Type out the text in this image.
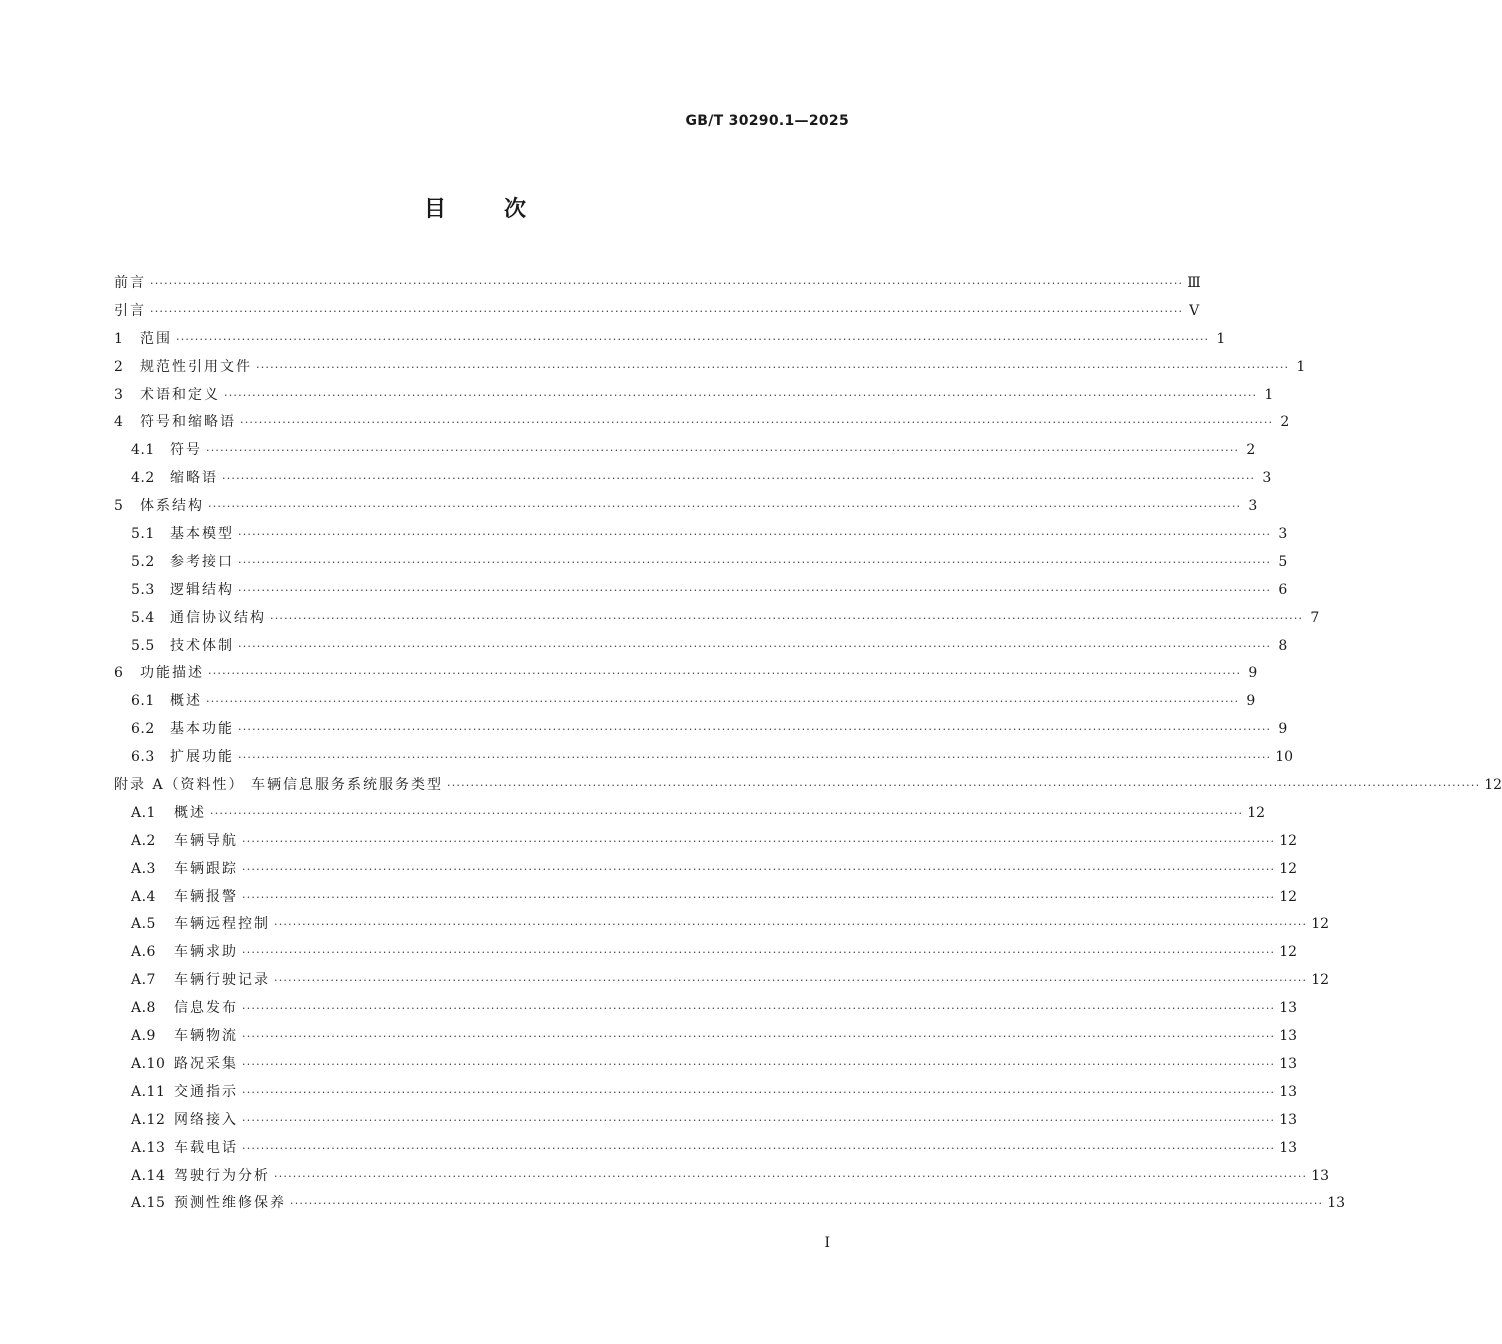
GB/T 30290.1—2025
目次
前言 ···························································································································································································································· Ⅲ
引言 ···························································································································································································································· Ⅴ
1	范围 ···························································································································································································································· 1
2	规范性引用文件 ···························································································································································································································· 1
3	术语和定义 ···························································································································································································································· 1
4	符号和缩略语 ···························································································································································································································· 2
4.1	符号 ···························································································································································································································· 2
4.2	缩略语 ···························································································································································································································· 3
5	体系结构 ···························································································································································································································· 3
5.1	基本模型 ···························································································································································································································· 3
5.2	参考接口 ···························································································································································································································· 5
5.3	逻辑结构 ···························································································································································································································· 6
5.4	通信协议结构 ···························································································································································································································· 7
5.5	技术体制 ···························································································································································································································· 8
6	功能描述 ···························································································································································································································· 9
6.1	概述 ···························································································································································································································· 9
6.2	基本功能 ···························································································································································································································· 9
6.3	扩展功能 ···························································································································································································································· 10
附录 A（资料性） 车辆信息服务系统服务类型 ···························································································································································································································· 12
A.1	概述 ···························································································································································································································· 12
A.2	车辆导航 ···························································································································································································································· 12
A.3	车辆跟踪 ···························································································································································································································· 12
A.4	车辆报警 ···························································································································································································································· 12
A.5	车辆远程控制 ···························································································································································································································· 12
A.6	车辆求助 ···························································································································································································································· 12
A.7	车辆行驶记录 ···························································································································································································································· 12
A.8	信息发布 ···························································································································································································································· 13
A.9	车辆物流 ···························································································································································································································· 13
A.10 路况采集 ···························································································································································································································· 13
A.11 交通指示 ···························································································································································································································· 13
A.12 网络接入 ···························································································································································································································· 13
A.13 车载电话 ···························································································································································································································· 13
A.14 驾驶行为分析 ···························································································································································································································· 13
A.15 预测性维修保养 ···························································································································································································································· 13
Ⅰ
